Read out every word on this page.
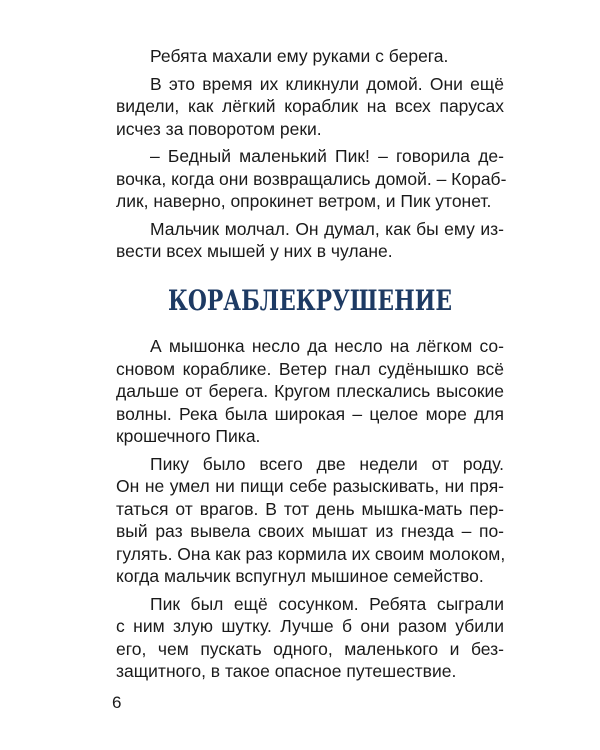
Ребята махали ему руками с берега.

В это время их кликнули домой. Они ещё
видели, как лёгкий кораблик на всех парусах
исчез за поворотом реки.

– Бедный маленький Пик! – говорила де-
вочка, когда они возвращались домой. – Кораб-
лик, наверно, опрокинет ветром, и Пик утонет.

Мальчик молчал. Он думал, как бы ему из-
вести всех мышей у них в чулане.

КОРАБЛЕКРУШЕНИЕ

А мышонка несло да несло на лёгком со-
сновом кораблике. Ветер гнал судёнышко всё
дальше от берега. Кругом плескались высокие
волны. Река была широкая – целое море для
крошечного Пика.

Пику было всего две недели от роду.
Он не умел ни пищи себе разыскивать, ни пря-
таться от врагов. В тот день мышка-мать пер-
вый раз вывела своих мышат из гнезда – по-
гулять. Она как раз кормила их своим молоком,
когда мальчик вспугнул мышиное семейство.

Пик был ещё сосунком. Ребята сыграли
с ним злую шутку. Лучше б они разом убили
его, чем пускать одного, маленького и без-
защитного, в такое опасное путешествие.

6
